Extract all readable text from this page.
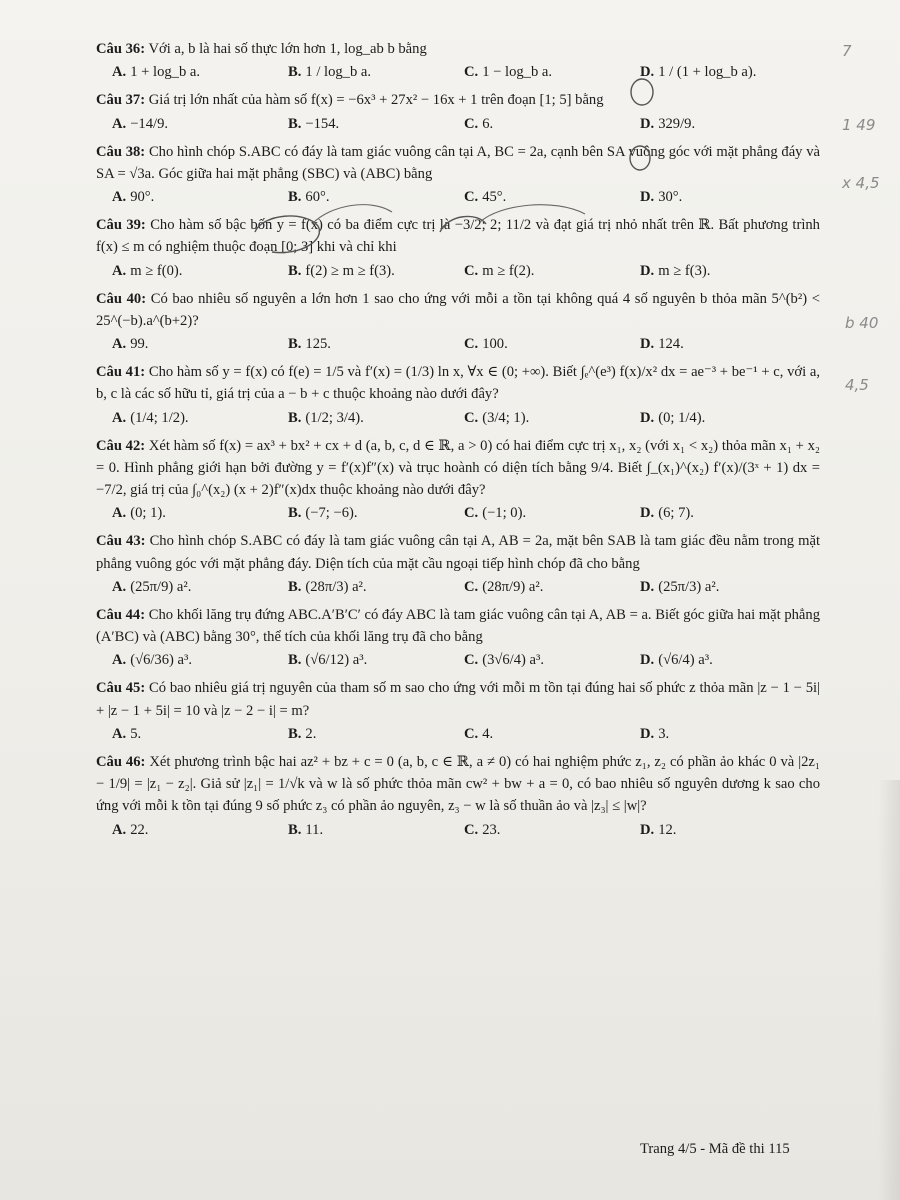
Câu 36: Với a, b là hai số thực lớn hơn 1, log_ab b bằng

A. 1 + log_b a.	B. 1 / log_b a.	C. 1 − log_b a.	D. 1 / (1 + log_b a).

Câu 37: Giá trị lớn nhất của hàm số f(x) = −6x³ + 27x² − 16x + 1 trên đoạn [1; 5] bằng

A. −14/9.	B. −154.	C. 6.	D. 329/9.

Câu 38: Cho hình chóp S.ABC có đáy là tam giác vuông cân tại A, BC = 2a, cạnh bên SA vuông góc với mặt phẳng đáy và SA = √3a. Góc giữa hai mặt phẳng (SBC) và (ABC) bằng

A. 90°.	B. 60°.	C. 45°.	D. 30°.

Câu 39: Cho hàm số bậc bốn y = f(x) có ba điểm cực trị là −3/2; 2; 11/2 và đạt giá trị nhỏ nhất trên ℝ. Bất phương trình f(x) ≤ m có nghiệm thuộc đoạn [0; 3] khi và chỉ khi

A. m ≥ f(0).	B. f(2) ≥ m ≥ f(3).	C. m ≥ f(2).	D. m ≥ f(3).

Câu 40: Có bao nhiêu số nguyên a lớn hơn 1 sao cho ứng với mỗi a tồn tại không quá 4 số nguyên b thỏa mãn 5^(b²) < 25^(−b).a^(b+2)?

A. 99.	B. 125.	C. 100.	D. 124.

Câu 41: Cho hàm số y = f(x) có f(e) = 1/5 và f′(x) = (1/3) ln x, ∀x ∈ (0; +∞). Biết ∫ₑ^(e³) f(x)/x² dx = ae⁻³ + be⁻¹ + c, với a, b, c là các số hữu tỉ, giá trị của a − b + c thuộc khoảng nào dưới đây?

A. (1/4; 1/2).	B. (1/2; 3/4).	C. (3/4; 1).	D. (0; 1/4).

Câu 42: Xét hàm số f(x) = ax³ + bx² + cx + d (a, b, c, d ∈ ℝ, a > 0) có hai điểm cực trị x₁, x₂ (với x₁ < x₂) thỏa mãn x₁ + x₂ = 0. Hình phẳng giới hạn bởi đường y = f′(x)f″(x) và trục hoành có diện tích bằng 9/4. Biết ∫_(x₁)^(x₂) f′(x)/(3ˣ + 1) dx = −7/2, giá trị của ∫₀^(x₂) (x + 2)f″(x)dx thuộc khoảng nào dưới đây?

A. (0; 1).	B. (−7; −6).	C. (−1; 0).	D. (6; 7).

Câu 43: Cho hình chóp S.ABC có đáy là tam giác vuông cân tại A, AB = 2a, mặt bên SAB là tam giác đều nằm trong mặt phẳng vuông góc với mặt phẳng đáy. Diện tích của mặt cầu ngoại tiếp hình chóp đã cho bằng

A. (25π/9) a².	B. (28π/3) a².	C. (28π/9) a².	D. (25π/3) a².

Câu 44: Cho khối lăng trụ đứng ABC.A′B′C′ có đáy ABC là tam giác vuông cân tại A, AB = a. Biết góc giữa hai mặt phẳng (A′BC) và (ABC) bằng 30°, thể tích của khối lăng trụ đã cho bằng

A. (√6/36) a³.	B. (√6/12) a³.	C. (3√6/4) a³.	D. (√6/4) a³.

Câu 45: Có bao nhiêu giá trị nguyên của tham số m sao cho ứng với mỗi m tồn tại đúng hai số phức z thỏa mãn |z − 1 − 5i| + |z − 1 + 5i| = 10 và |z − 2 − i| = m?

A. 5.	B. 2.	C. 4.	D. 3.

Câu 46: Xét phương trình bậc hai az² + bz + c = 0 (a, b, c ∈ ℝ, a ≠ 0) có hai nghiệm phức z₁, z₂ có phần ảo khác 0 và |2z₁ − 1/9| = |z₁ − z₂|. Giả sử |z₁| = 1/√k và w là số phức thỏa mãn cw² + bw + a = 0, có bao nhiêu số nguyên dương k sao cho ứng với mỗi k tồn tại đúng 9 số phức z₃ có phần ảo nguyên, z₃ − w là số thuần ảo và |z₃| ≤ |w|?

A. 22.	B. 11.	C. 23.	D. 12.
Trang 4/5 - Mã đề thi 115
7
1 49
x 4,5
b 40
4,5
